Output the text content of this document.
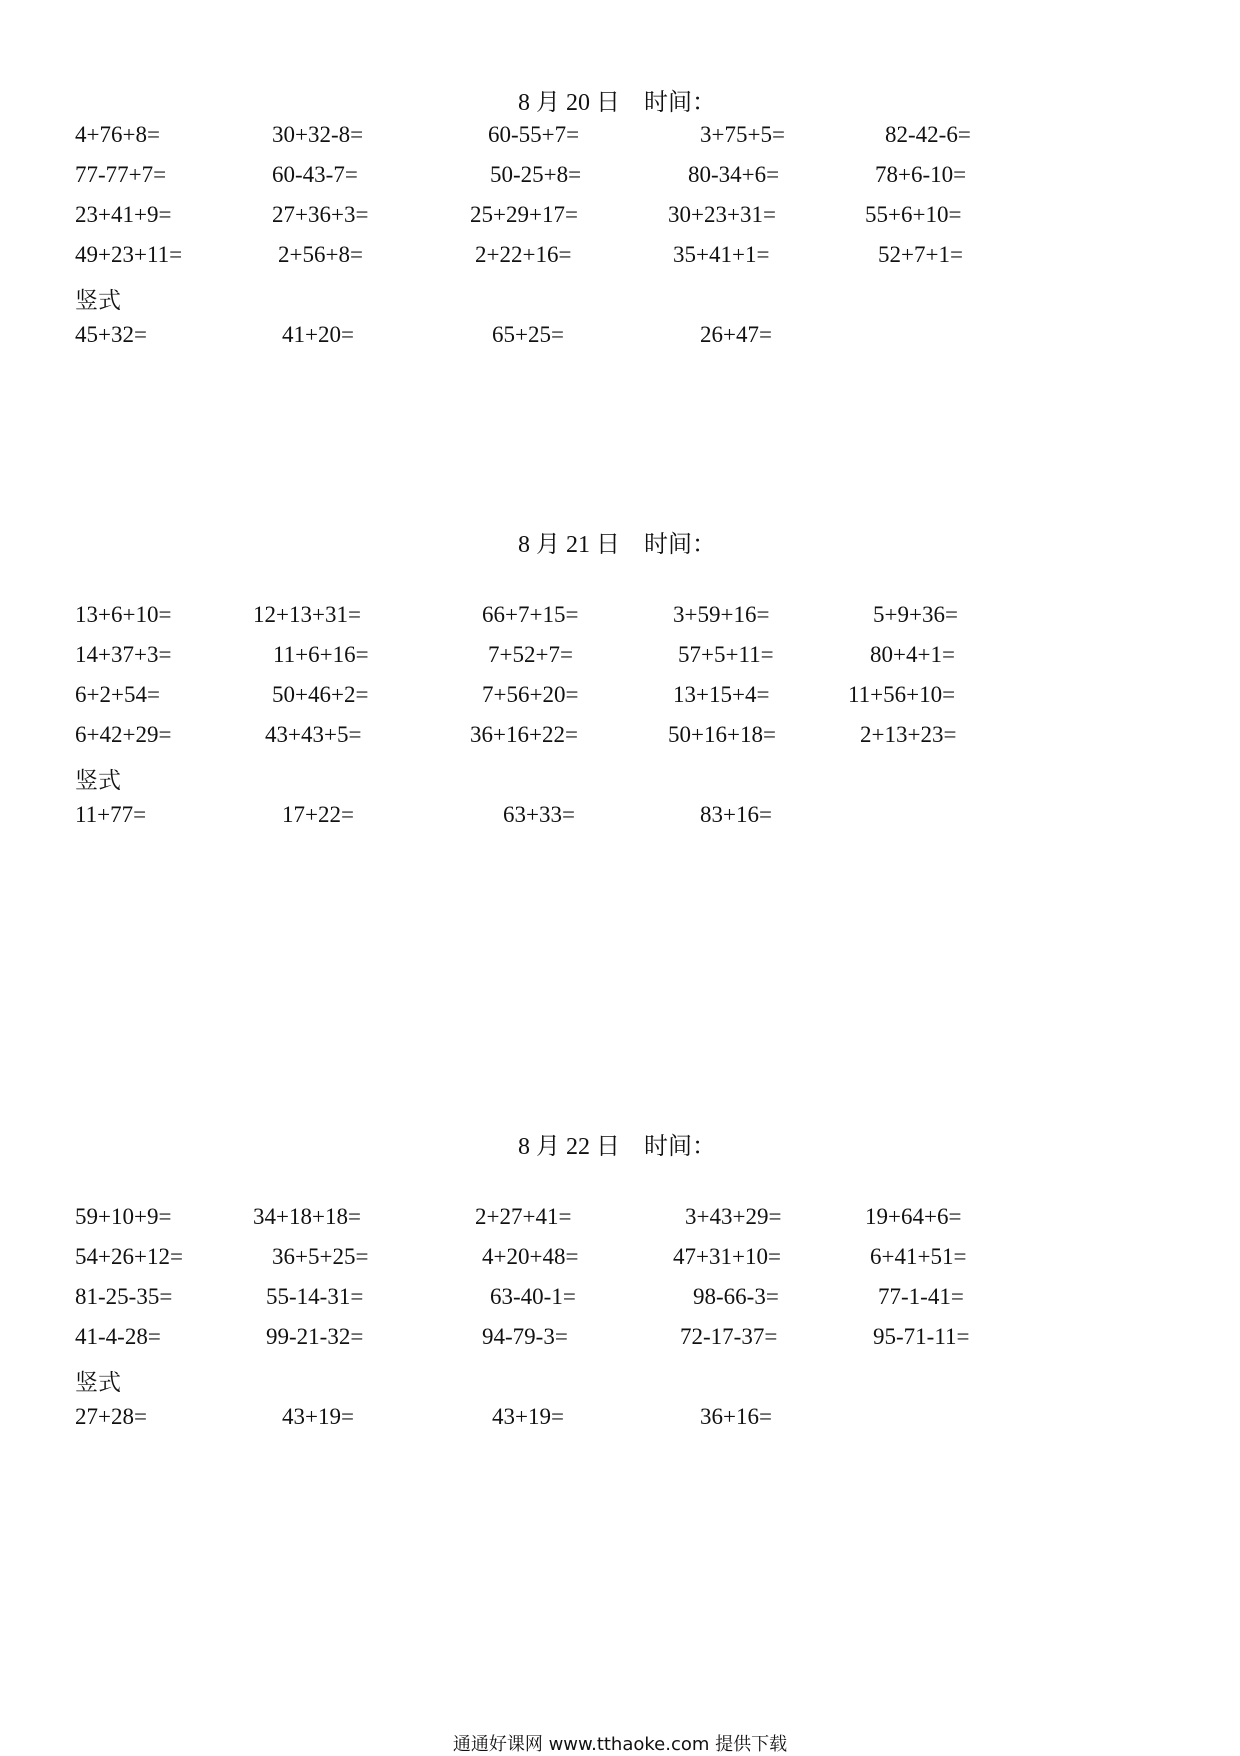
8 月 20 日    时间：
4+76+8=	30+32-8=	60-55+7=	3+75+5=	82-42-6=
77-77+7=	60-43-7=	50-25+8=	80-34+6=	78+6-10=
23+41+9=	27+36+3=	25+29+17=	30+23+31=	55+6+10=
49+23+11=	2+56+8=	2+22+16=	35+41+1=	52+7+1=
竖式
45+32=	41+20=	65+25=	26+47=
8 月 21 日    时间：
13+6+10=	12+13+31=	66+7+15=	3+59+16=	5+9+36=
14+37+3=	11+6+16=	7+52+7=	57+5+11=	80+4+1=
6+2+54=	50+46+2=	7+56+20=	13+15+4=	11+56+10=
6+42+29=	43+43+5=	36+16+22=	50+16+18=	2+13+23=
竖式
11+77=	17+22=	63+33=	83+16=
8 月 22 日    时间：
59+10+9=	34+18+18=	2+27+41=	3+43+29=	19+64+6=
54+26+12=	36+5+25=	4+20+48=	47+31+10=	6+41+51=
81-25-35=	55-14-31=	63-40-1=	98-66-3=	77-1-41=
41-4-28=	99-21-32=	94-79-3=	72-17-37=	95-71-11=
竖式
27+28=	43+19=	43+19=	36+16=
通通好课网 www.tthaoke.com 提供下载
